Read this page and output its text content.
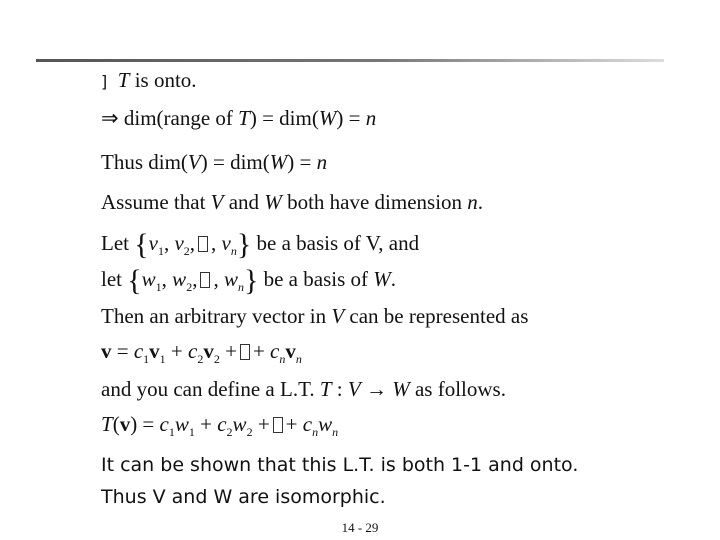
]  T is onto.
⇒ dim(range of T) = dim(W) = n
Thus dim(V) = dim(W) = n
Assume that V and W both have dimension n.
Let {$v_1$, $v_2$, , $v_n$} be a basis of V, and
let {$w_1$, $w_2$, , $w_n$} be a basis of W.
Then an arbitrary vector in V can be represented as
$v = c_1v_1 + c_2v_2$ + + $c_nv_n$
and you can define a L.T. T : V → W as follows.
$T(v) = c_1w_1 + c_2w_2$ + + $c_nw_n$
It can be shown that this L.T. is both 1-1 and onto.
Thus V and W are isomorphic.
14 - 29
